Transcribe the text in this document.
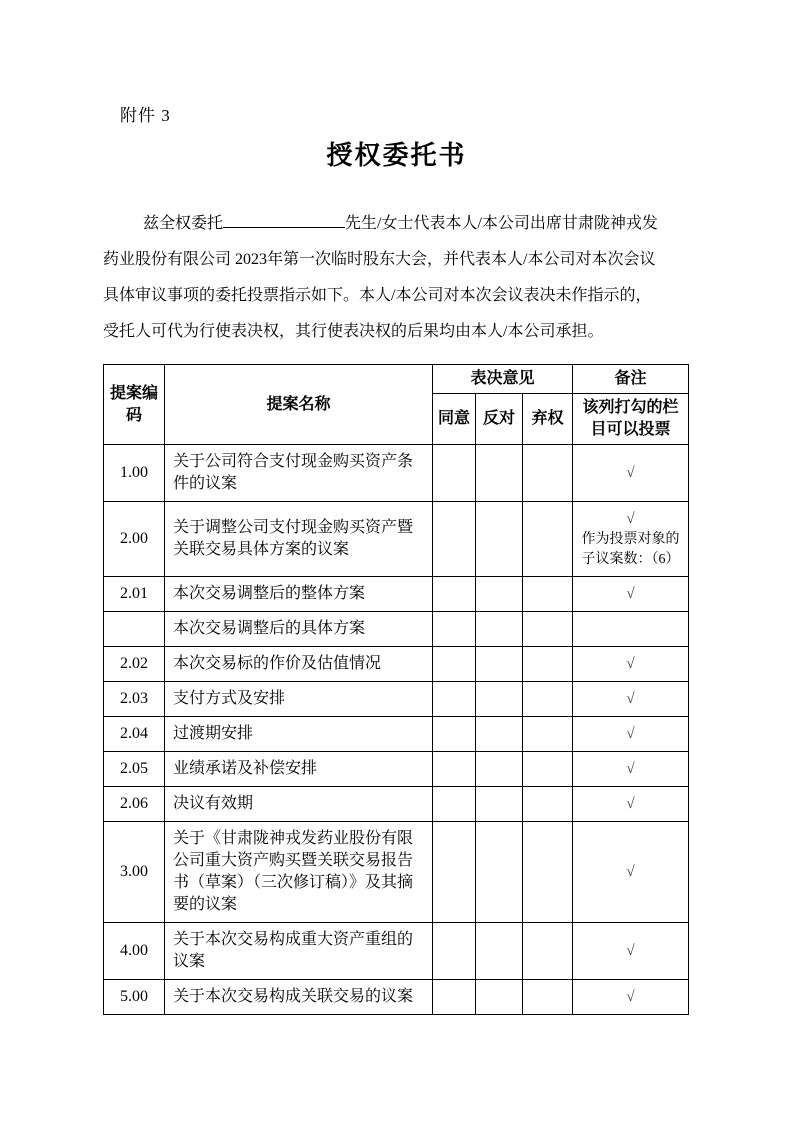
附件 3
授权委托书
兹全权委托	先生/女士代表本人/本公司出席甘肃陇神戎发
药业股份有限公司 2023年第一次临时股东大会，并代表本人/本公司对本次会议
具体审议事项的委托投票指示如下。本人/本公司对本次会议表决未作指示的，
受托人可代为行使表决权，其行使表决权的后果均由本人/本公司承担。
提案编码	提案名称	表决意见			备注
		同意	反对	弃权	该列打勾的栏目可以投票
1.00	关于公司符合支付现金购买资产条件的议案				√

2.00	关于调整公司支付现金购买资产暨关联交易具体方案的议案				√
作为投票对象的子议案数：（6）

2.01	本次交易调整后的整体方案				√

	本次交易调整后的具体方案				

2.02	本次交易标的作价及估值情况				√

2.03	支付方式及安排				√

2.04	过渡期安排				√

2.05	业绩承诺及补偿安排				√

2.06	决议有效期				√

3.00	关于《甘肃陇神戎发药业股份有限公司重大资产购买暨关联交易报告书（草案）（三次修订稿）》及其摘要的议案				√

4.00	关于本次交易构成重大资产重组的议案				√

5.00	关于本次交易构成关联交易的议案				√
